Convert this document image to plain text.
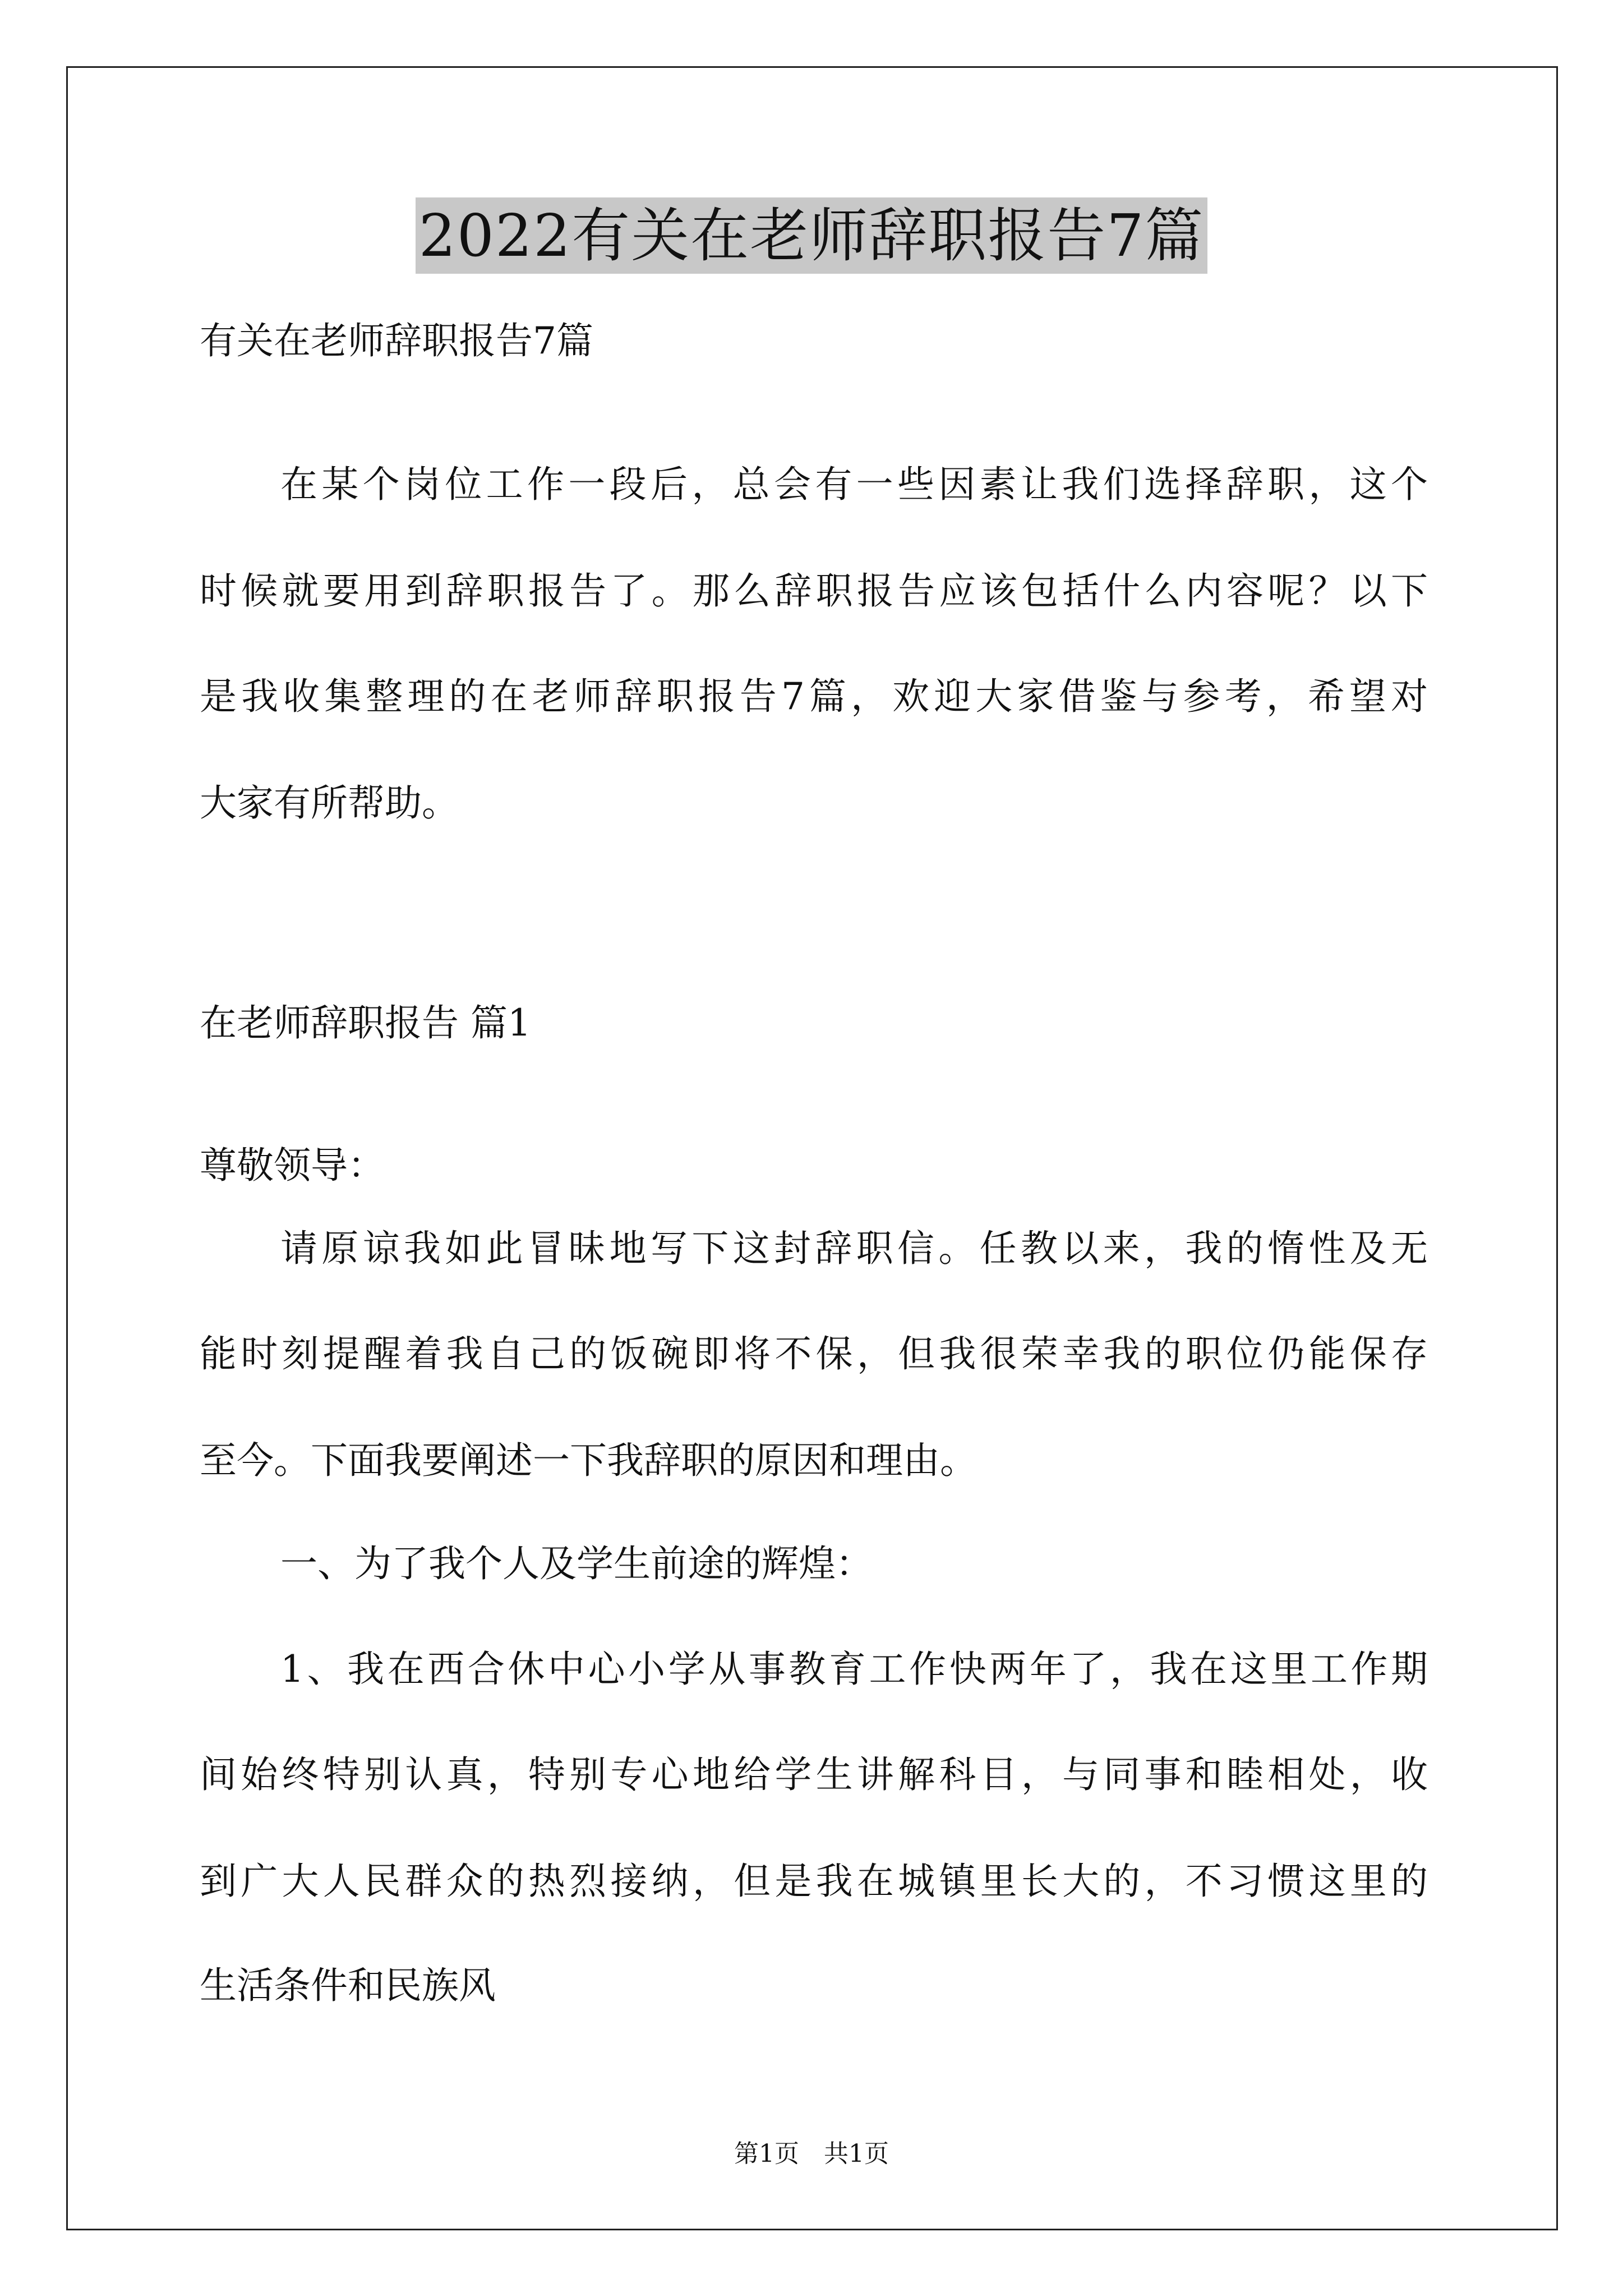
2022有关在老师辞职报告7篇
有关在老师辞职报告7篇
在某个岗位工作一段后，总会有一些因素让我们选择辞职，这个
时候就要用到辞职报告了。那么辞职报告应该包括什么内容呢？以下
是我收集整理的在老师辞职报告7篇，欢迎大家借鉴与参考，希望对
大家有所帮助。
在老师辞职报告 篇1
尊敬领导：
请原谅我如此冒昧地写下这封辞职信。任教以来，我的惰性及无
能时刻提醒着我自己的饭碗即将不保，但我很荣幸我的职位仍能保存
至今。下面我要阐述一下我辞职的原因和理由。
一、为了我个人及学生前途的辉煌：
1、我在西合休中心小学从事教育工作快两年了，我在这里工作期
间始终特别认真，特别专心地给学生讲解科目，与同事和睦相处，收
到广大人民群众的热烈接纳，但是我在城镇里长大的，不习惯这里的
生活条件和民族风
第1页 共1页
